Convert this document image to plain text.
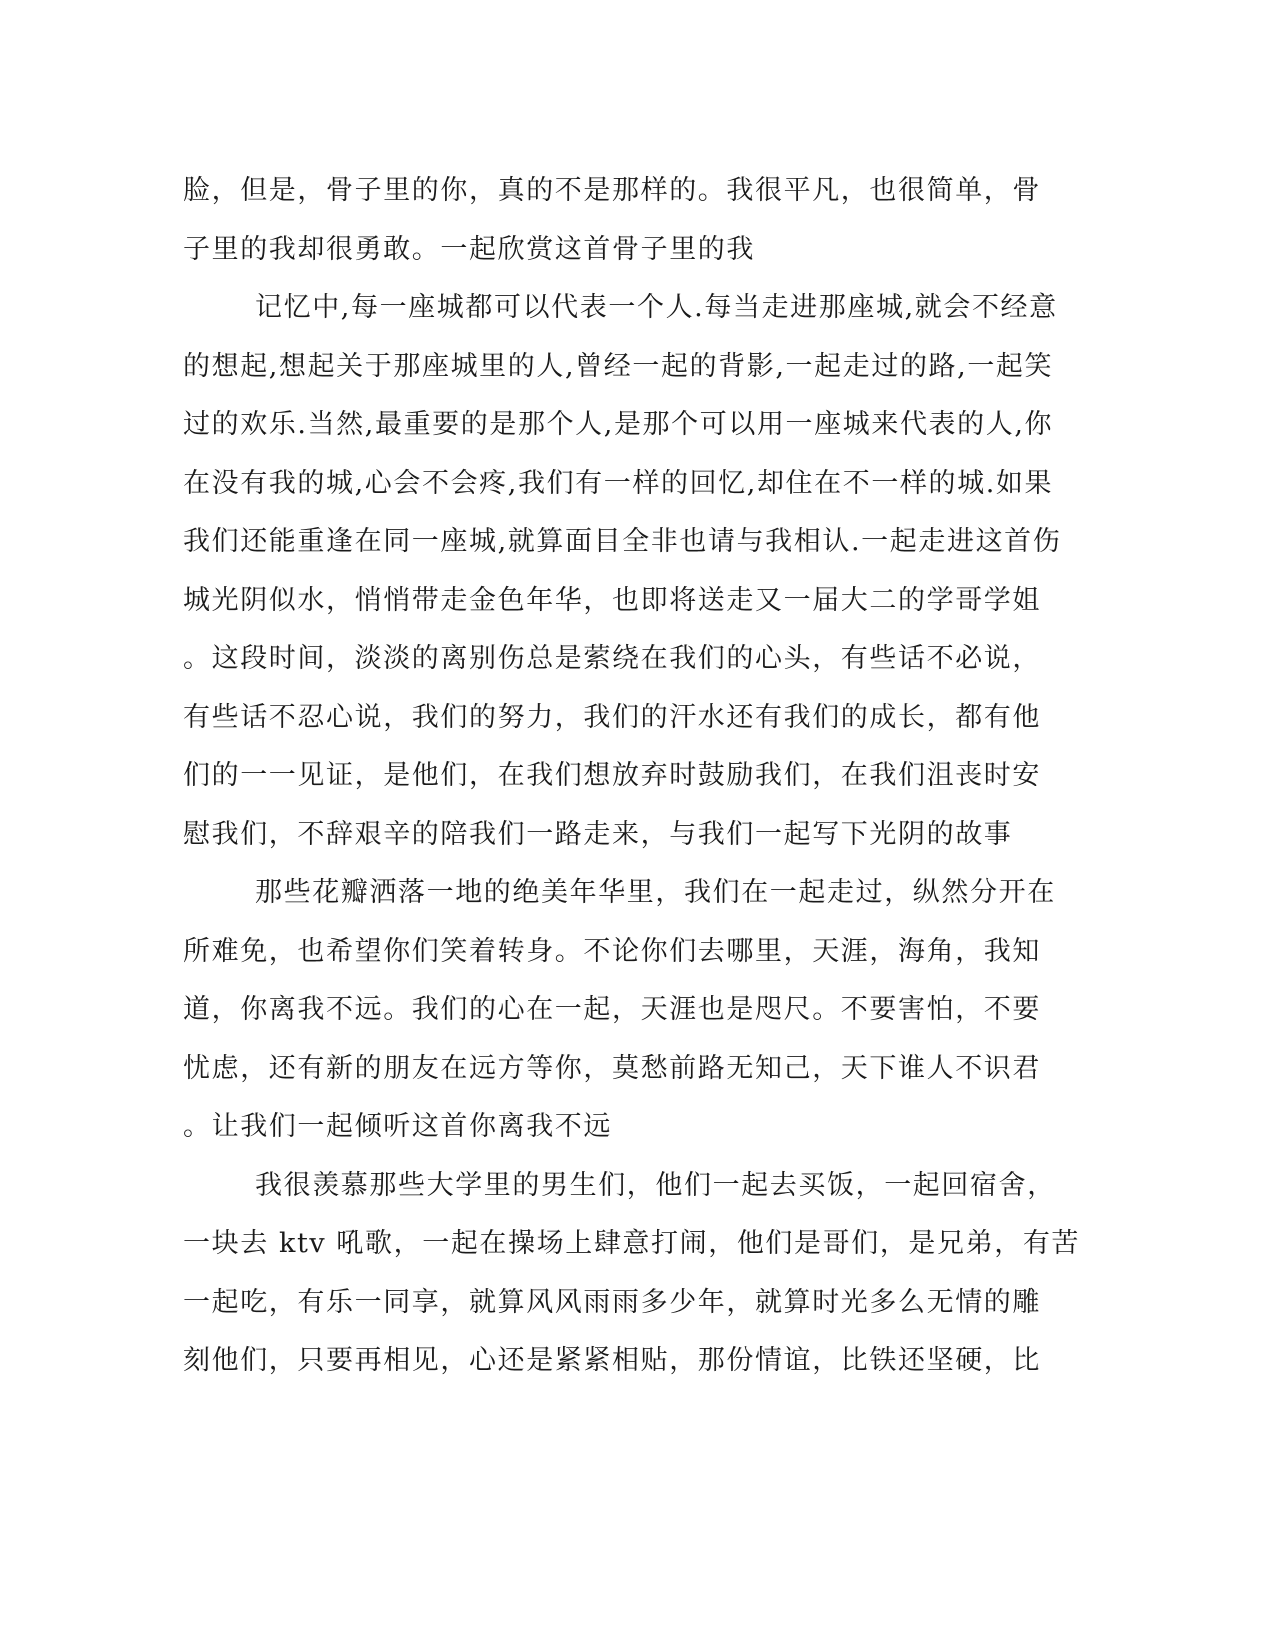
脸，但是，骨子里的你，真的不是那样的。我很平凡，也很简单，骨
子里的我却很勇敢。一起欣赏这首骨子里的我
记忆中,每一座城都可以代表一个人.每当走进那座城,就会不经意
的想起,想起关于那座城里的人,曾经一起的背影,一起走过的路,一起笑
过的欢乐.当然,最重要的是那个人,是那个可以用一座城来代表的人,你
在没有我的城,心会不会疼,我们有一样的回忆,却住在不一样的城.如果
我们还能重逢在同一座城,就算面目全非也请与我相认.一起走进这首伤
城光阴似水，悄悄带走金色年华，也即将送走又一届大二的学哥学姐
。这段时间，淡淡的离别伤总是萦绕在我们的心头，有些话不必说，
有些话不忍心说，我们的努力，我们的汗水还有我们的成长，都有他
们的一一见证，是他们，在我们想放弃时鼓励我们，在我们沮丧时安
慰我们，不辞艰辛的陪我们一路走来，与我们一起写下光阴的故事
那些花瓣洒落一地的绝美年华里，我们在一起走过，纵然分开在
所难免，也希望你们笑着转身。不论你们去哪里，天涯，海角，我知
道，你离我不远。我们的心在一起，天涯也是咫尺。不要害怕，不要
忧虑，还有新的朋友在远方等你，莫愁前路无知己，天下谁人不识君
。让我们一起倾听这首你离我不远
我很羡慕那些大学里的男生们，他们一起去买饭，一起回宿舍，
一块去 ktv 吼歌，一起在操场上肆意打闹，他们是哥们，是兄弟，有苦
一起吃，有乐一同享，就算风风雨雨多少年，就算时光多么无情的雕
刻他们，只要再相见，心还是紧紧相贴，那份情谊，比铁还坚硬，比
